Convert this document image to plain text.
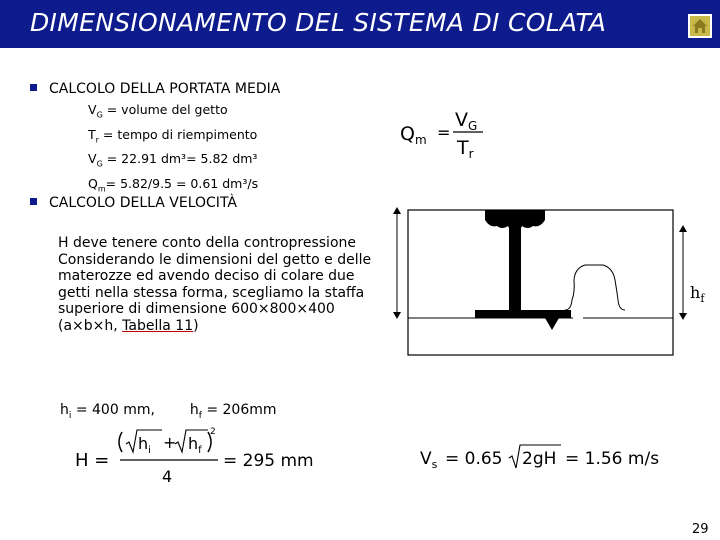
DIMENSIONAMENTO DEL SISTEMA DI COLATA
CALCOLO DELLA PORTATA MEDIA
$V_G$ = volume del getto
$T_r$ = tempo di riempimento
$V_G = 22.91$ dm³= 5.82 dm³
$Q_m= 5.82/9.5 = 0.61$ dm³/s
$Q_m$ =
$V_G$
$T_r$
CALCOLO DELLA VELOCITÀ
H deve tenere conto della contropressione Considerando le dimensioni del getto e delle materozze ed avendo deciso di colare due getti nella stessa forma, scegliamo la staffa superiore di dimensione 600×800×400 (a×b×h, Tabella 11)
$h_i = 400$ mm, $h_f = 206mm$
H =
$h_i + h_f$
2
4
= 295 mm	$V_s = 0.65$ 2gH = 1.56 m/s
$h_f$
29
